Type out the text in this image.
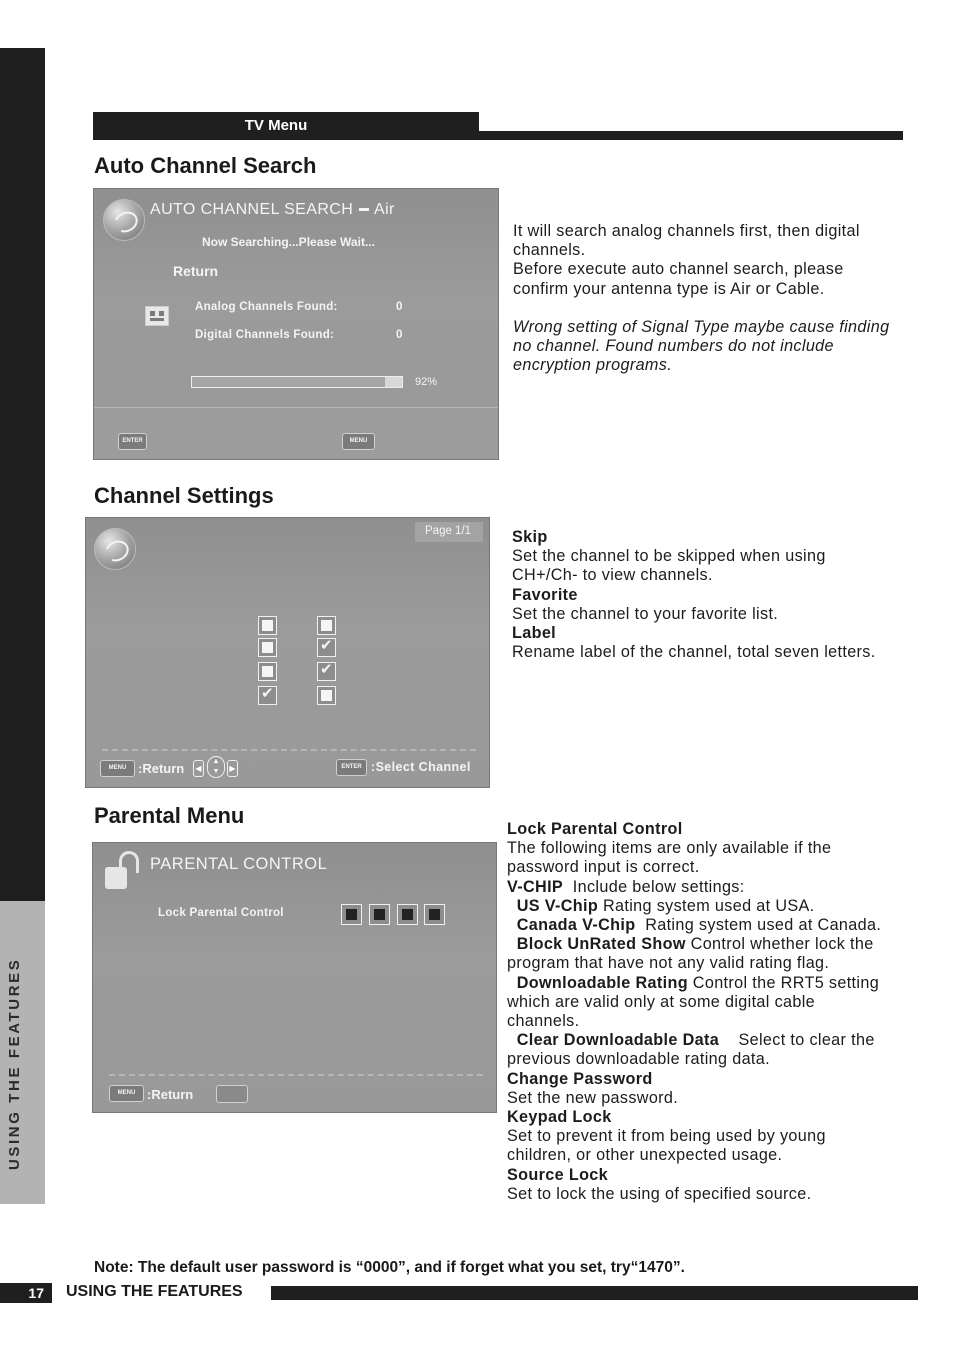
USING THE FEATURES
TV Menu
Auto Channel Search
AUTO CHANNEL SEARCH Air
Now Searching...Please Wait...
Return
Analog Channels Found:	0
Digital Channels Found:	0
92%
ENTER	MENU
It will search analog channels first, then digital channels.
Before execute auto channel search, please confirm your antenna type is Air or Cable.
Wrong setting of Signal Type maybe cause finding no channel. Found numbers do not include encryption programs.
Channel Settings
Page 1/1
✔
✔
✔
MENU :Return	◀
▲
▼	▶	ENTER :Select Channel
Skip
Set the channel to be skipped when using CH+/Ch- to view channels.
Favorite
Set the channel to your favorite list.
Label
Rename label of the channel, total seven letters.
Parental Menu
PARENTAL CONTROL
Lock Parental Control
MENU :Return
Lock Parental Control
The following items are only available if the password input is correct.
V-CHIP Include below settings:
US V-Chip Rating system used at USA.
Canada V-Chip Rating system used at Canada.
Block UnRated Show Control whether lock the program that have not any valid rating flag.
Downloadable Rating Control the RRT5 setting which are valid only at some digital cable channels.
Clear Downloadable Data Select to clear the previous downloadable rating data.
Change Password
Set the new password.
Keypad Lock
Set to prevent it from being used by young children, or other unexpected usage.
Source Lock
Set to lock the using of specified source.
Note: The default user password is “0000”, and if forget what you set, try“1470”.
17	USING THE FEATURES
